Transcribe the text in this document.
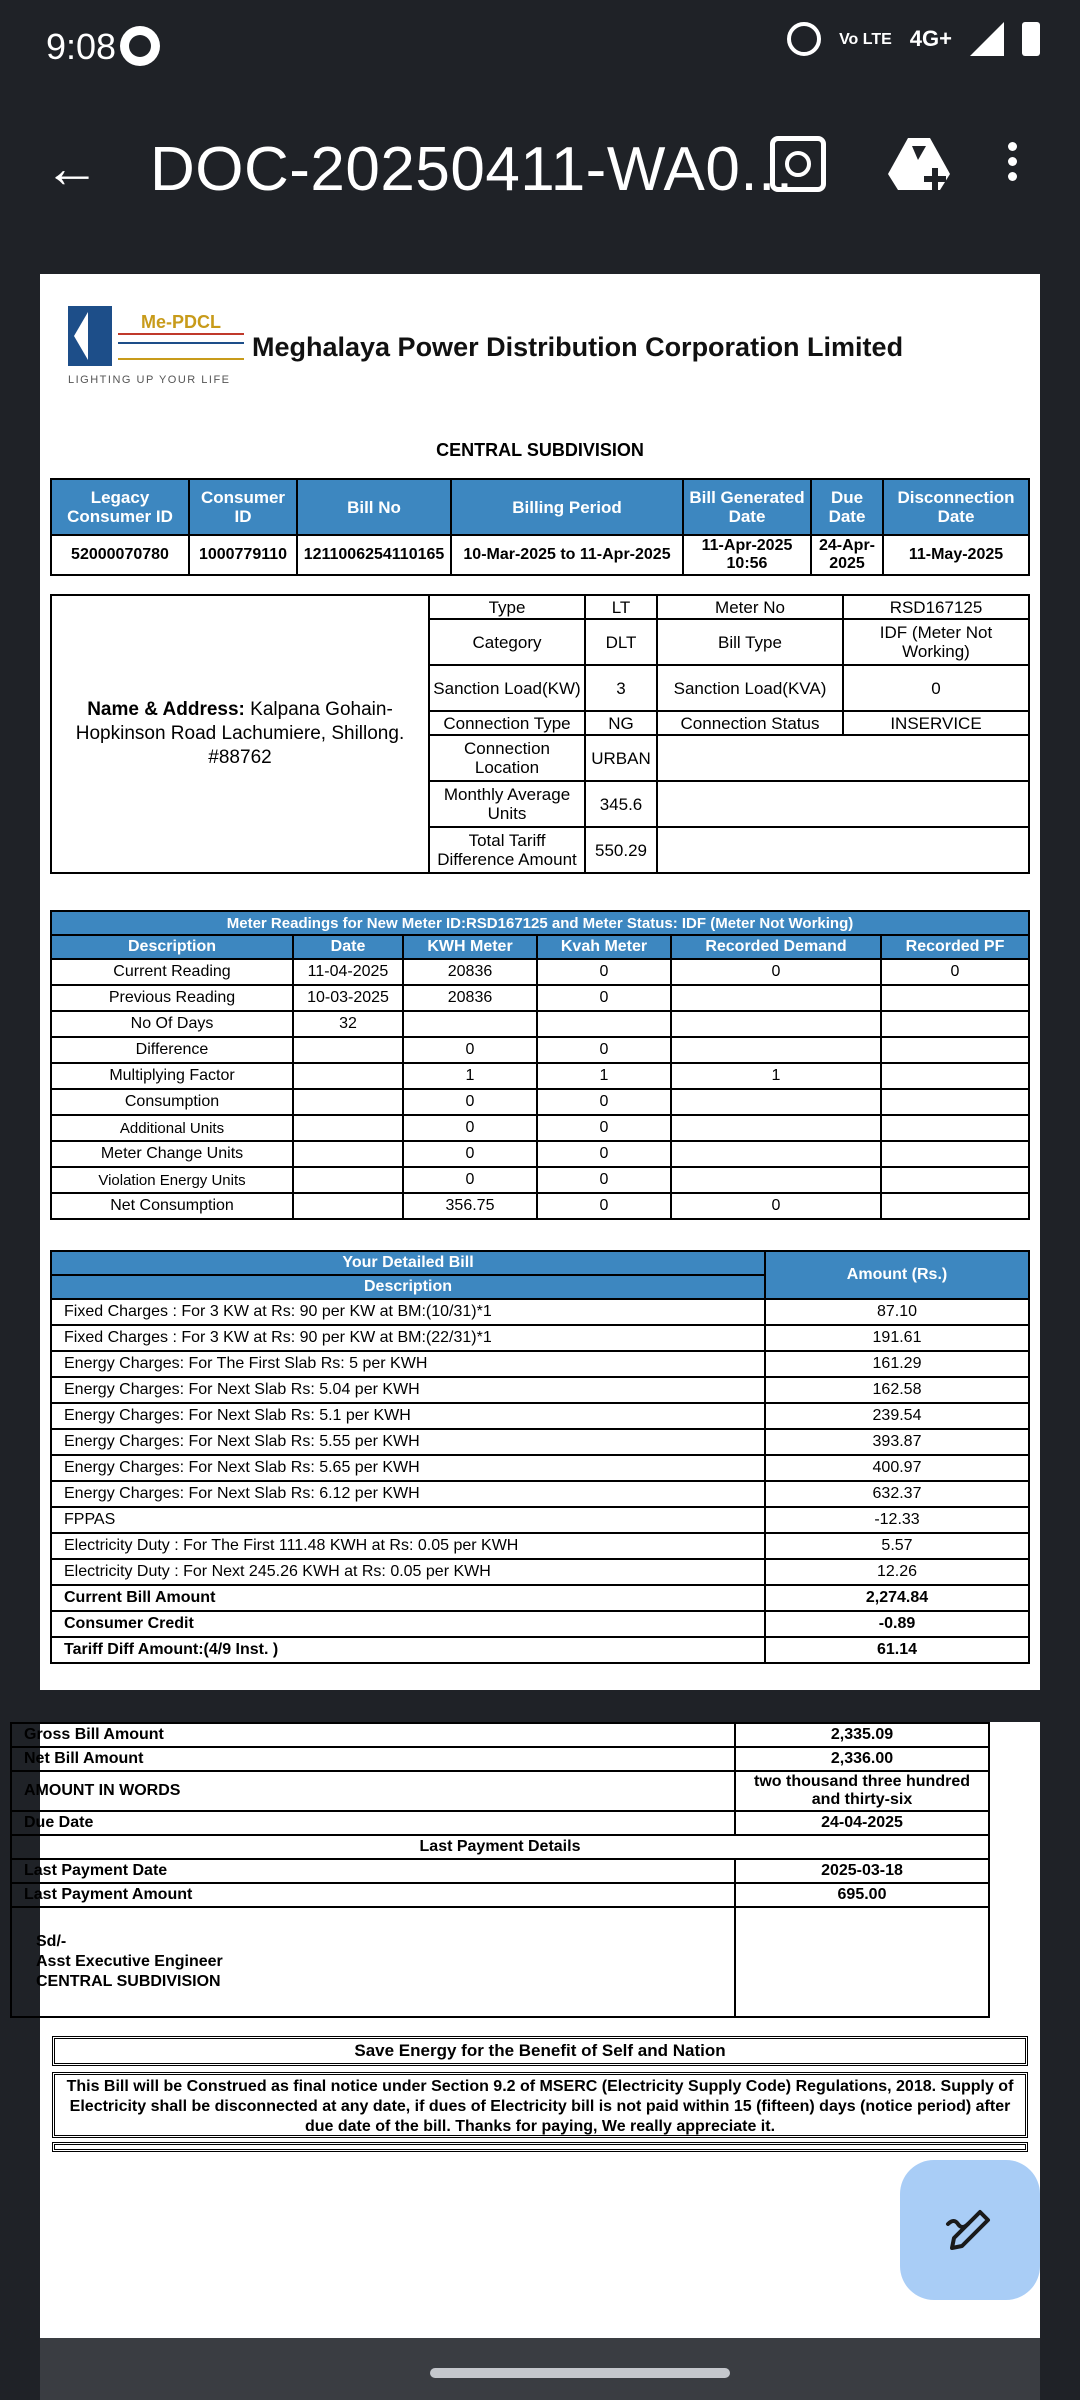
9:08	Vo LTE 4G+
← DOC-20250411-WA0...
Me-PDCL
LIGHTING UP YOUR LIFE
Meghalaya Power Distribution Corporation Limited
CENTRAL SUBDIVISION
Legacy Consumer ID	Consumer ID	Bill No	Billing Period	Bill Generated Date	Due Date	Disconnection Date
52000070780	1000779110	1211006254110165	10-Mar-2025 to 11-Apr-2025	11-Apr-2025 10:56	24-Apr-2025	11-May-2025
Name & Address: Kalpana Gohain-Hopkinson Road Lachumiere, Shillong. #88762	Type	LT	Meter No	RSD167125
	Category	DLT	Bill Type	IDF (Meter Not Working)
	Sanction Load(KW)	3	Sanction Load(KVA)	0
	Connection Type	NG	Connection Status	INSERVICE
	Connection Location	URBAN		
	Monthly Average Units	345.6		
	Total Tariff Difference Amount	550.29		
Meter Readings for New Meter ID:RSD167125 and Meter Status: IDF (Meter Not Working)					
Description	Date	KWH Meter	Kvah Meter	Recorded Demand	Recorded PF
Current Reading	11-04-2025	20836	0	0	0
Previous Reading	10-03-2025	20836	0		
No Of Days	32				
Difference		0	0		
Multiplying Factor		1	1	1	
Consumption		0	0		
Additional Units		0	0		
Meter Change Units		0	0		
Violation Energy Units		0	0		
Net Consumption		356.75	0	0	
Your Detailed Bill	Amount (Rs.)
Description	
Fixed Charges : For 3 KW at Rs: 90 per KW at BM:(10/31)*1	87.10
Fixed Charges : For 3 KW at Rs: 90 per KW at BM:(22/31)*1	191.61
Energy Charges: For The First Slab Rs: 5 per KWH	161.29
Energy Charges: For Next Slab Rs: 5.04 per KWH	162.58
Energy Charges: For Next Slab Rs: 5.1 per KWH	239.54
Energy Charges: For Next Slab Rs: 5.55 per KWH	393.87
Energy Charges: For Next Slab Rs: 5.65 per KWH	400.97
Energy Charges: For Next Slab Rs: 6.12 per KWH	632.37
FPPAS	-12.33
Electricity Duty : For The First 111.48 KWH at Rs: 0.05 per KWH	5.57
Electricity Duty : For Next 245.26 KWH at Rs: 0.05 per KWH	12.26
Current Bill Amount	2,274.84
Consumer Credit	-0.89
Tariff Diff Amount:(4/9 Inst. )	61.14
Gross Bill Amount	2,335.09
Net Bill Amount	2,336.00
AMOUNT IN WORDS	two thousand three hundred and thirty-six
Due Date	24-04-2025
Last Payment Details	
Last Payment Date	2025-03-18
Last Payment Amount	695.00

Sd/-
Asst Executive Engineer
CENTRAL SUBDIVISION	

Save Energy for the Benefit of Self and Nation
This Bill will be Construed as final notice under Section 9.2 of MSERC (Electricity Supply Code) Regulations, 2018. Supply of Electricity shall be disconnected at any date, if dues of Electricity bill is not paid within 15 (fifteen) days (notice period) after due date of the bill. Thanks for paying, We really appreciate it.
